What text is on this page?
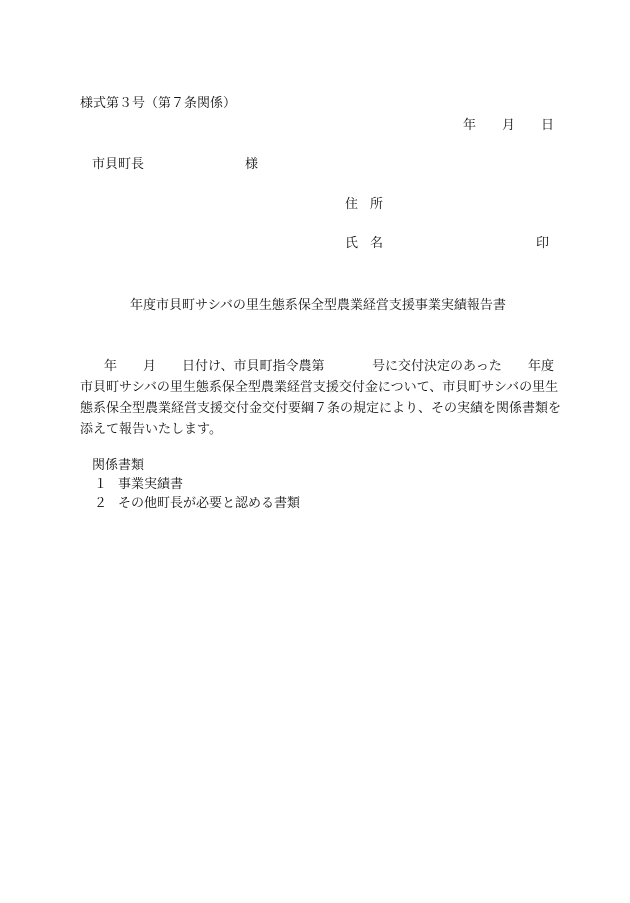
様式第３号（第７条関係）
年 月 日
市貝町長	様
住所
氏名	印
年度市貝町サシバの里生態系保全型農業経営支援事業実績報告書
年 月 日付け、市貝町指令農第	号に交付決定のあった 年度
市貝町サシバの里生態系保全型農業経営支援交付金について、市貝町サシバの里生
態系保全型農業経営支援交付金交付要綱７条の規定により、その実績を関係書類を
添えて報告いたします。
関係書類
１ 事業実績書
２ その他町長が必要と認める書類
